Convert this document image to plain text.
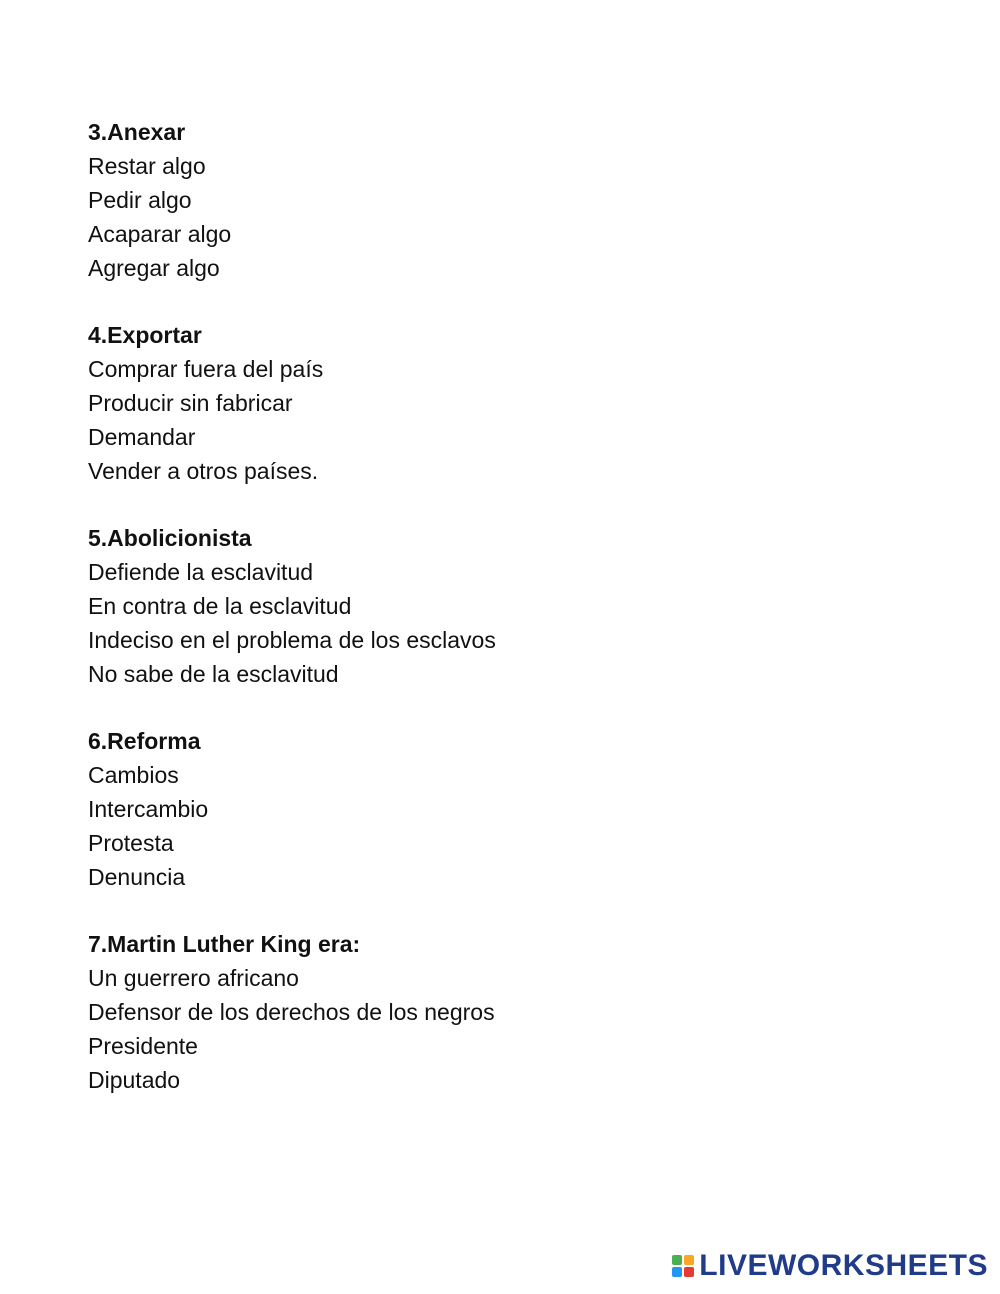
3.Anexar
Restar algo
Pedir algo
Acaparar algo
Agregar algo
4.Exportar
Comprar fuera del país
Producir sin fabricar
Demandar
Vender a otros países.
5.Abolicionista
Defiende la esclavitud
En contra de la esclavitud
Indeciso en el problema de los esclavos
No sabe de la esclavitud
6.Reforma
Cambios
Intercambio
Protesta
Denuncia
7.Martin Luther King era:
Un guerrero africano
Defensor de los derechos de los negros
Presidente
Diputado
LIVEWORKSHEETS
